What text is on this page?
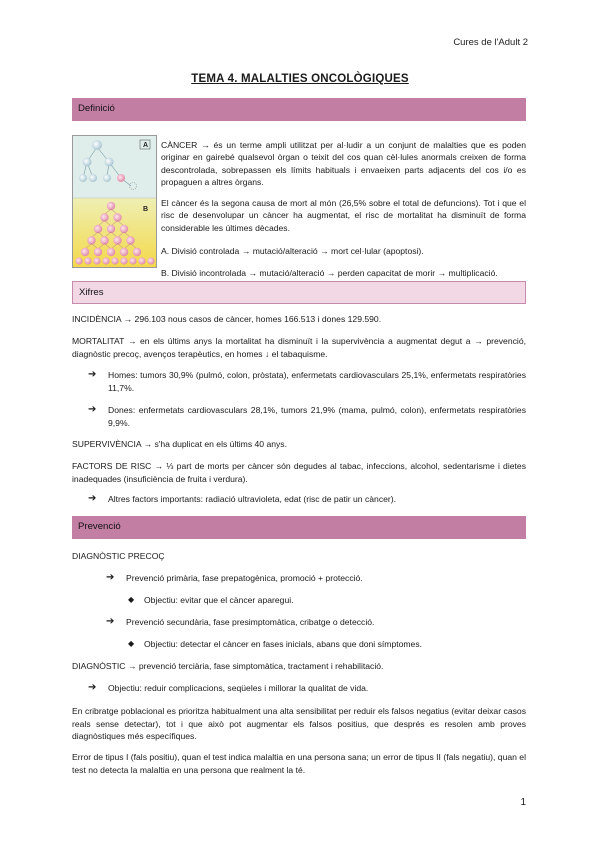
Cures de l'Adult 2
TEMA 4. MALALTIES ONCOLÒGIQUES
Definició
A
B

CÀNCER → és un terme ampli utilitzat per al·ludir a un conjunt de malalties que es poden originar en gairebé qualsevol òrgan o teixit del cos quan cèl·lules anormals creixen de forma descontrolada, sobrepassen els límits habituals i envaeixen parts adjacents del cos i/o es propaguen a altres òrgans.

El càncer és la segona causa de mort al món (26,5% sobre el total de defuncions). Tot i que el risc de desenvolupar un càncer ha augmentat, el risc de mortalitat ha disminuït de forma considerable les últimes dècades.

A. Divisió controlada → mutació/alteració → mort cel·lular (apoptosi).

B. Divisió incontrolada → mutació/alteració → perden capacitat de morir → multiplicació.

Xifres

INCIDÈNCIA → 296.103 nous casos de càncer, homes 166.513 i dones 129.590.

MORTALITAT → en els últims anys la mortalitat ha disminuït i la supervivència a augmentat degut a → prevenció, diagnòstic precoç, avenços terapèutics, en homes ↓ el tabaquisme.

➔	Homes: tumors 30,9% (pulmó, colon, pròstata), enfermetats cardiovasculars 25,1%, enfermetats respiratòries 11,7%.
➔	Dones: enfermetats cardiovasculars 28,1%, tumors 21,9% (mama, pulmó, colon), enfermetats respiratòries 9,9%.

SUPERVIVÈNCIA → s'ha duplicat en els últims 40 anys.

FACTORS DE RISC → ⅓ part de morts per càncer són degudes al tabac, infeccions, alcohol, sedentarisme i dietes inadequades (insuficiència de fruita i verdura).

➔	Altres factors importants: radiació ultravioleta, edat (risc de patir un càncer).
Prevenció

DIAGNÒSTIC PRECOÇ

➔	Prevenció primària, fase prepatogènica, promoció + protecció.
◆	Objectiu: evitar que el càncer aparegui.
➔	Prevenció secundària, fase presimptomàtica, cribatge o detecció.
◆	Objectiu: detectar el càncer en fases inicials, abans que doni símptomes.

DIAGNÒSTIC → prevenció terciària, fase simptomàtica, tractament i rehabilitació.

➔	Objectiu: reduir complicacions, seqüeles i millorar la qualitat de vida.

En cribratge poblacional es prioritza habitualment una alta sensibilitat per reduir els falsos negatius (evitar deixar casos reals sense detectar), tot i que això pot augmentar els falsos positius, que després es resolen amb proves diagnòstiques més específiques.

Error de tipus I (fals positiu), quan el test indica malaltia en una persona sana; un error de tipus II (fals negatiu), quan el test no detecta la malaltia en una persona que realment la té.

1
